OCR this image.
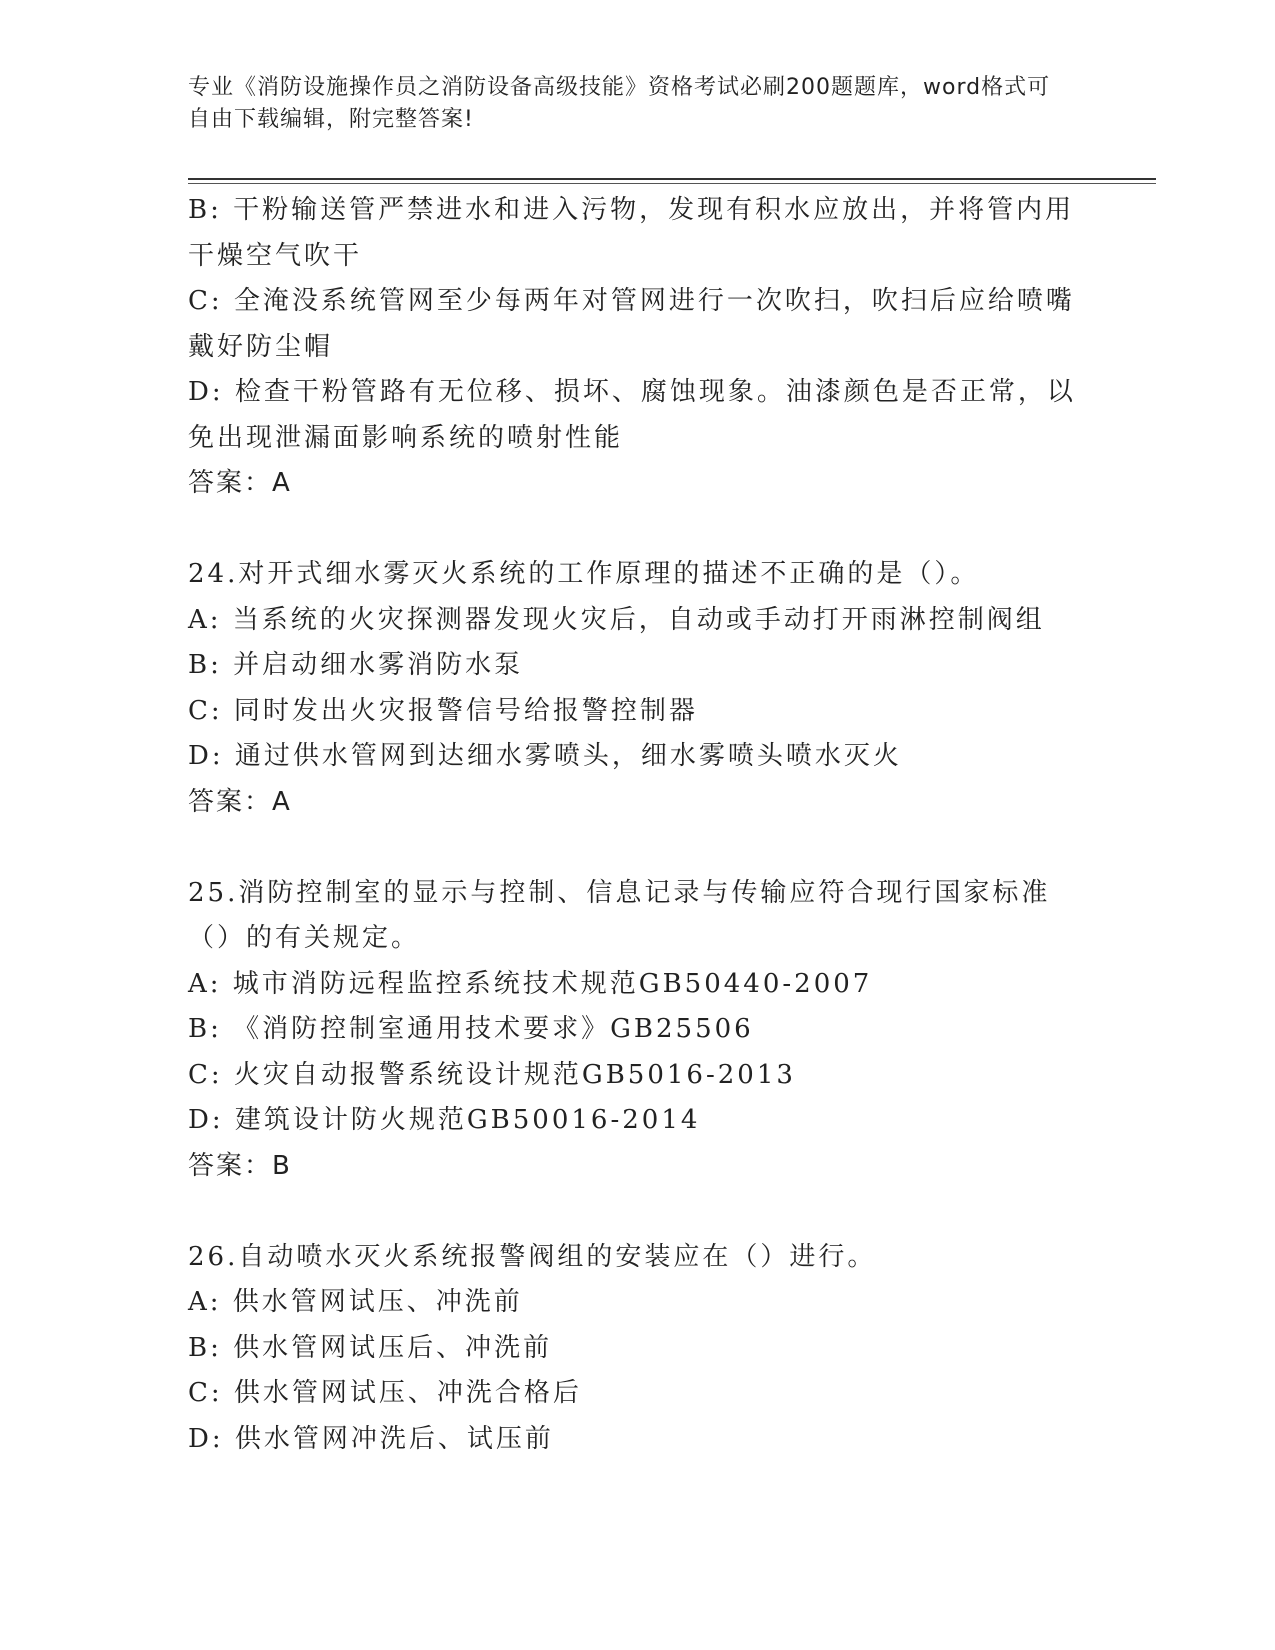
专业《消防设施操作员之消防设备高级技能》资格考试必刷200题题库，word格式可自由下载编辑，附完整答案!

B: 干粉输送管严禁进水和进入污物，发现有积水应放出，并将管内用干燥空气吹干

C: 全淹没系统管网至少每两年对管网进行一次吹扫，吹扫后应给喷嘴戴好防尘帽

D: 检查干粉管路有无位移、损坏、腐蚀现象。油漆颜色是否正常，以免出现泄漏面影响系统的喷射性能

答案：A

24.对开式细水雾灭火系统的工作原理的描述不正确的是（）。

A: 当系统的火灾探测器发现火灾后，自动或手动打开雨淋控制阀组

B: 并启动细水雾消防水泵

C: 同时发出火灾报警信号给报警控制器

D: 通过供水管网到达细水雾喷头，细水雾喷头喷水灭火

答案：A

25.消防控制室的显示与控制、信息记录与传输应符合现行国家标准（）的有关规定。

A: 城市消防远程监控系统技术规范GB50440-2007

B: 《消防控制室通用技术要求》GB25506

C: 火灾自动报警系统设计规范GB5016-2013

D: 建筑设计防火规范GB50016-2014

答案：B

26.自动喷水灭火系统报警阀组的安装应在（）进行。

A: 供水管网试压、冲洗前

B: 供水管网试压后、冲洗前

C: 供水管网试压、冲洗合格后

D: 供水管网冲洗后、试压前
